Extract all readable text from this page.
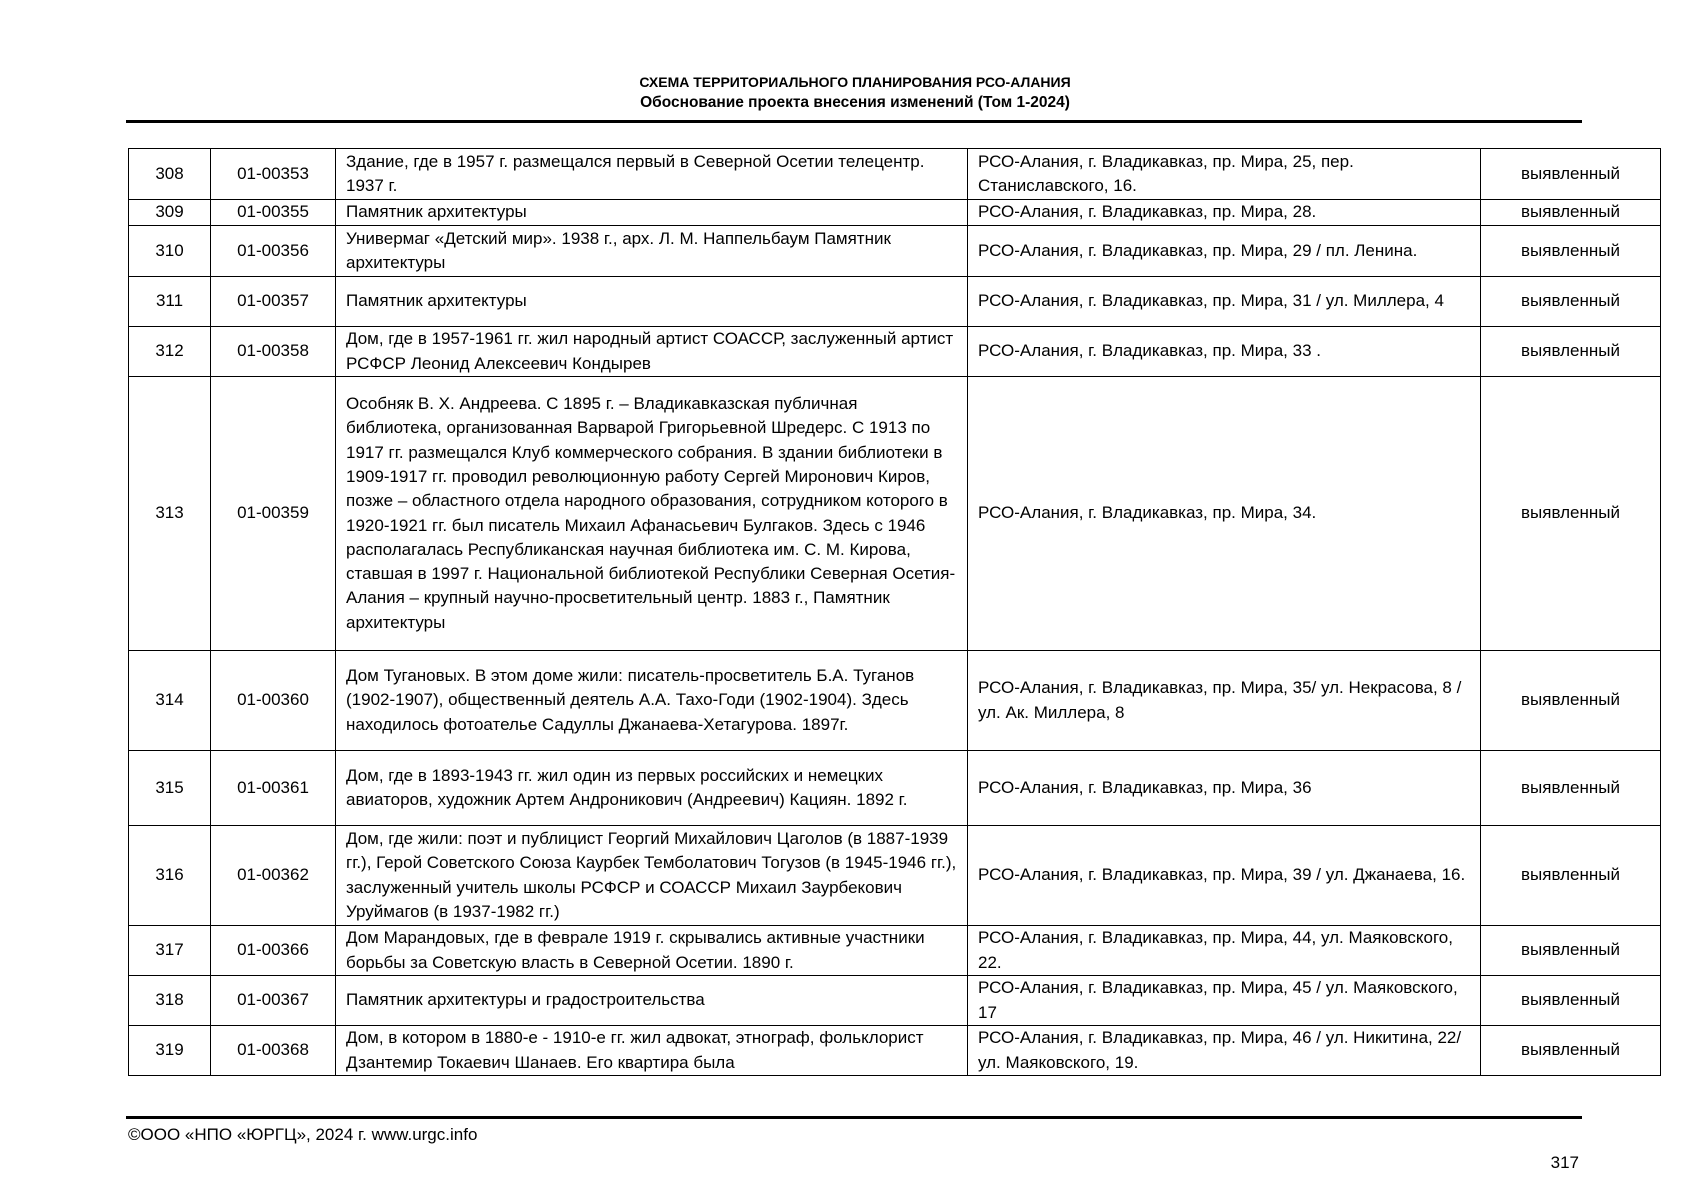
СХЕМА ТЕРРИТОРИАЛЬНОГО ПЛАНИРОВАНИЯ РСО-АЛАНИЯ
Обоснование проекта внесения изменений (Том 1-2024)
308	01-00353	Здание, где в 1957 г. размещался первый в Северной Осетии телецентр. 1937 г.	РСО-Алания, г. Владикавказ, пр. Мира, 25, пер. Станиславского, 16.	выявленный
309	01-00355	Памятник архитектуры	РСО-Алания, г. Владикавказ, пр. Мира, 28.	выявленный
310	01-00356	Универмаг «Детский мир». 1938 г., арх. Л. М. Наппельбаум Памятник архитектуры	РСО-Алания, г. Владикавказ, пр. Мира, 29 / пл. Ленина.	выявленный
311	01-00357	Памятник архитектуры	РСО-Алания, г. Владикавказ, пр. Мира, 31 / ул. Миллера, 4	выявленный
312	01-00358	Дом, где в 1957-1961 гг. жил народный артист СОАССР, заслуженный артист РСФСР Леонид Алексеевич Кондырев	РСО-Алания, г. Владикавказ, пр. Мира, 33 .	выявленный
313	01-00359	Особняк В. Х. Андреева. С 1895 г. – Владикавказская публичная библиотека, организованная Варварой Григорьевной Шредерс. С 1913 по 1917 гг. размещался Клуб коммерческого собрания. В здании библиотеки в 1909-1917 гг. проводил революционную работу Сергей Миронович Киров, позже – областного отдела народного образования, сотрудником которого в 1920-1921 гг. был писатель Михаил Афанасьевич Булгаков. Здесь с 1946 располагалась Республиканская научная библиотека им. С. М. Кирова, ставшая в 1997 г. Национальной библиотекой Республики Северная Осетия-Алания – крупный научно-просветительный центр. 1883 г., Памятник архитектуры	РСО-Алания, г. Владикавказ, пр. Мира, 34.	выявленный
314	01-00360	Дом Тугановых. В этом доме жили: писатель-просветитель Б.А. Туганов (1902-1907), общественный деятель А.А. Тахо-Годи (1902-1904). Здесь находилось фотоателье Садуллы Джанаева-Хетагурова. 1897г.	РСО-Алания, г. Владикавказ, пр. Мира, 35/ ул. Некрасова, 8 / ул. Ак. Миллера, 8	выявленный
315	01-00361	Дом, где в 1893-1943 гг. жил один из первых российских и немецких авиаторов, художник Артем Андроникович (Андреевич) Кациян. 1892 г.	РСО-Алания, г. Владикавказ, пр. Мира, 36	выявленный
316	01-00362	Дом, где жили: поэт и публицист Георгий Михайлович Цаголов (в 1887-1939 гг.), Герой Советского Союза Каурбек Темболатович Тогузов (в 1945-1946 гг.), заслуженный учитель школы РСФСР и СОАССР Михаил Заурбекович Уруймагов (в 1937-1982 гг.)	РСО-Алания, г. Владикавказ, пр. Мира, 39 / ул. Джанаева, 16.	выявленный
317	01-00366	Дом Марандовых, где в феврале 1919 г. скрывались активные участники борьбы за Советскую власть в Северной Осетии. 1890 г.	РСО-Алания, г. Владикавказ, пр. Мира, 44, ул. Маяковского, 22.	выявленный
318	01-00367	Памятник архитектуры и градостроительства	РСО-Алания, г. Владикавказ, пр. Мира, 45 / ул. Маяковского, 17	выявленный
319	01-00368	Дом, в котором в 1880-е - 1910-е гг. жил адвокат, этнограф, фольклорист Дзантемир Токаевич Шанаев. Его квартира была	РСО-Алания, г. Владикавказ, пр. Мира, 46 / ул. Никитина, 22/ ул. Маяковского, 19.	выявленный
©ООО «НПО «ЮРГЦ», 2024 г. www.urgc.info
317
